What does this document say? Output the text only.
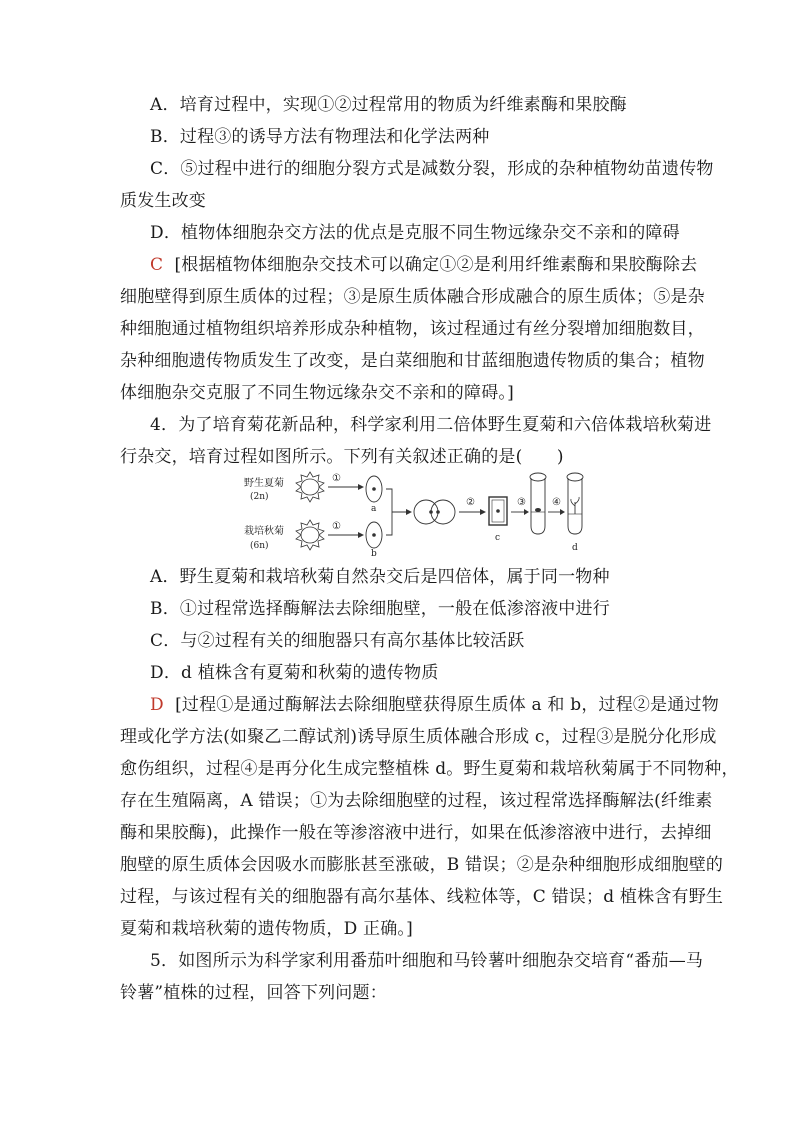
A．培育过程中，实现①②过程常用的物质为纤维素酶和果胶酶
B．过程③的诱导方法有物理法和化学法两种
C．⑤过程中进行的细胞分裂方式是减数分裂，形成的杂种植物幼苗遗传物
质发生改变
D．植物体细胞杂交方法的优点是克服不同生物远缘杂交不亲和的障碍
C [根据植物体细胞杂交技术可以确定①②是利用纤维素酶和果胶酶除去
细胞壁得到原生质体的过程；③是原生质体融合形成融合的原生质体；⑤是杂
种细胞通过植物组织培养形成杂种植物，该过程通过有丝分裂增加细胞数目，
杂种细胞遗传物质发生了改变，是白菜细胞和甘蓝细胞遗传物质的集合；植物
体细胞杂交克服了不同生物远缘杂交不亲和的障碍。]
4．为了培育菊花新品种，科学家利用二倍体野生夏菊和六倍体栽培秋菊进
行杂交，培育过程如图所示。下列有关叙述正确的是(　　)
野生夏菊
(2n)
栽培秋菊
(6n)
①
①
a
b
②
c
③	④
d
A．野生夏菊和栽培秋菊自然杂交后是四倍体，属于同一物种
B．①过程常选择酶解法去除细胞壁，一般在低渗溶液中进行
C．与②过程有关的细胞器只有高尔基体比较活跃
D．d 植株含有夏菊和秋菊的遗传物质
D [过程①是通过酶解法去除细胞壁获得原生质体 a 和 b，过程②是通过物
理或化学方法(如聚乙二醇试剂)诱导原生质体融合形成 c，过程③是脱分化形成
愈伤组织，过程④是再分化生成完整植株 d。野生夏菊和栽培秋菊属于不同物种，
存在生殖隔离，A 错误；①为去除细胞壁的过程，该过程常选择酶解法(纤维素
酶和果胶酶)，此操作一般在等渗溶液中进行，如果在低渗溶液中进行，去掉细
胞壁的原生质体会因吸水而膨胀甚至涨破，B 错误；②是杂种细胞形成细胞壁的
过程，与该过程有关的细胞器有高尔基体、线粒体等，C 错误；d 植株含有野生
夏菊和栽培秋菊的遗传物质，D 正确。]
5．如图所示为科学家利用番茄叶细胞和马铃薯叶细胞杂交培育“番茄—马
铃薯”植株的过程，回答下列问题：
